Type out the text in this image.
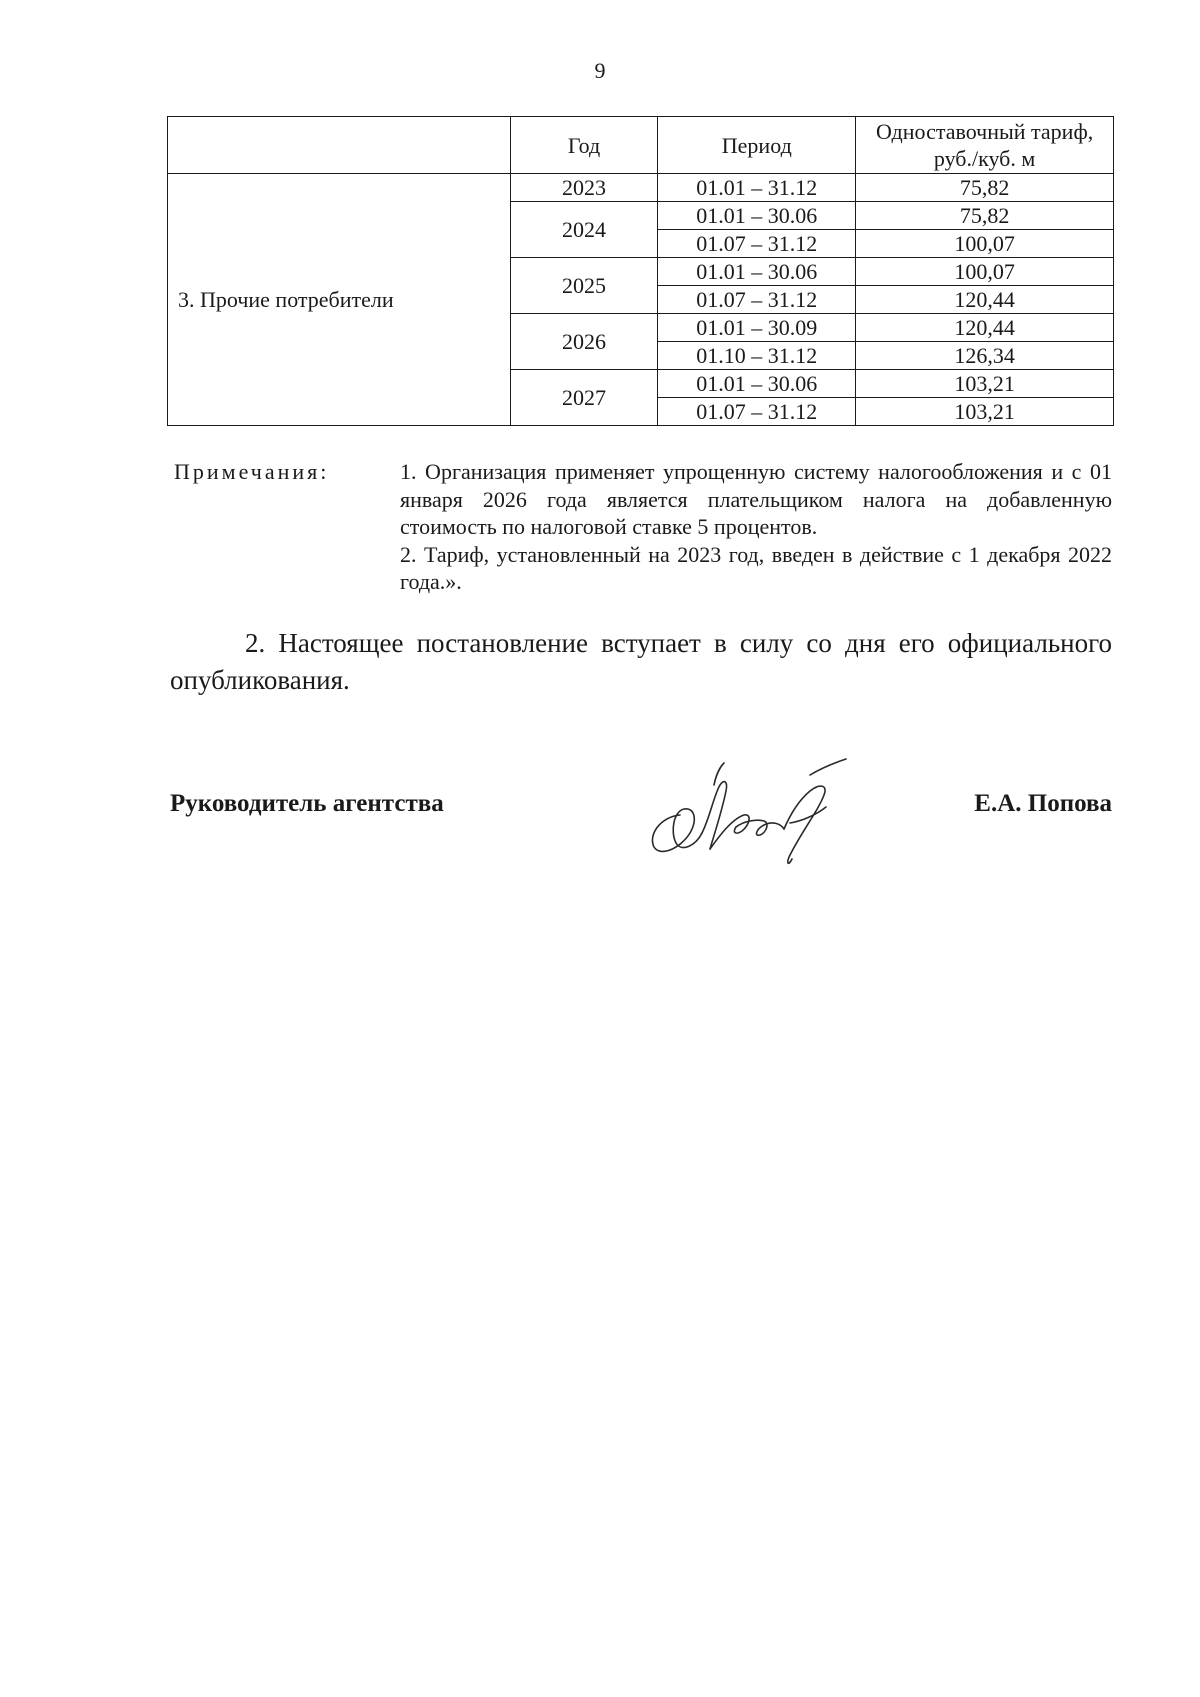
9
	Год	Период	Одноставочный тариф, руб./куб. м
3. Прочие потребители	2023	01.01 – 31.12	75,82
	2024	01.01 – 30.06	75,82
		01.07 – 31.12	100,07
	2025	01.01 – 30.06	100,07
		01.07 – 31.12	120,44
	2026	01.01 – 30.09	120,44
		01.10 – 31.12	126,34
	2027	01.01 – 30.06	103,21
		01.07 – 31.12	103,21
Примечания:	1. Организация применяет упрощенную систему налогообложения и с 01 января 2026 года является плательщиком налога на добавленную стоимость по налоговой ставке 5 процентов.

2. Тариф, установленный на 2023 год, введен в действие с 1 декабря 2022 года.».

2. Настоящее постановление вступает в силу со дня его официального опубликования.
Руководитель агентства	Е.А. Попова
